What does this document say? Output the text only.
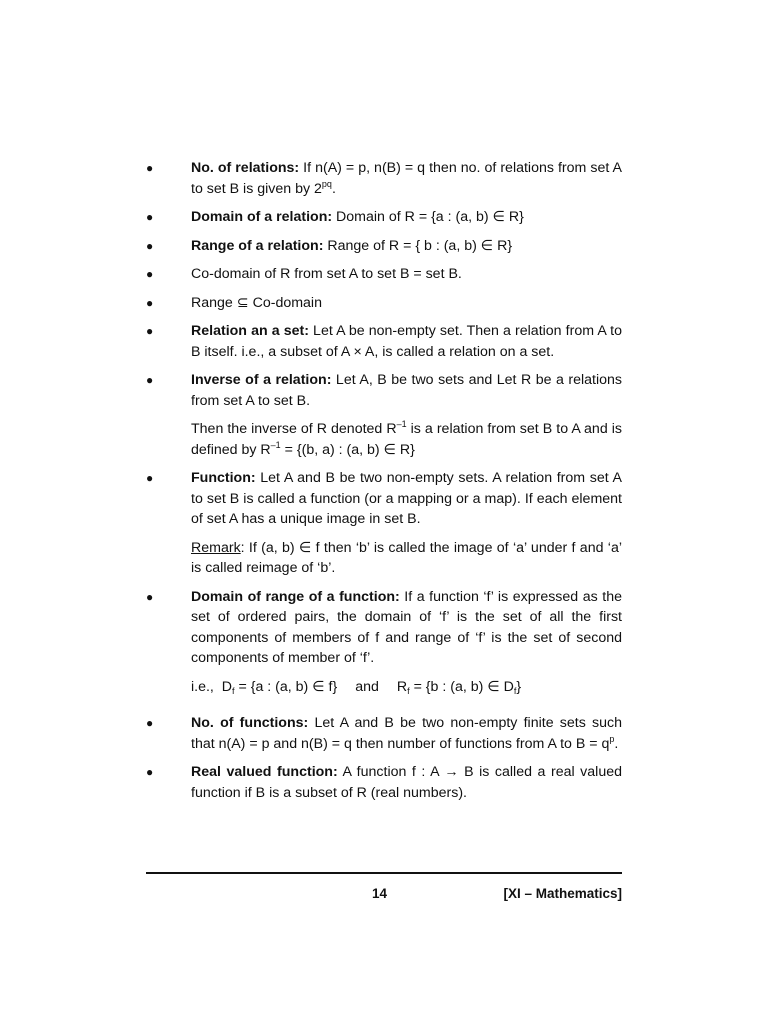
●	No. of relations: If n(A) = p, n(B) = q then no. of relations from set A to set B is given by $2^{pq}$.
●	Domain of a relation: Domain of R = {a : (a, b) ∈ R}
●	Range of a relation: Range of R = { b : (a, b) ∈ R}
●	Co-domain of R from set A to set B = set B.
●	Range ⊆ Co-domain
●	Relation an a set: Let A be non-empty set. Then a relation from A to B itself. i.e., a subset of A × A, is called a relation on a set.
●	Inverse of a relation: Let A, B be two sets and Let R be a relations from set A to set B.
Then the inverse of R denoted $R^{-1}$ is a relation from set B to A and is defined by $R^{-1} = \{(b$, a) : (a, b) ∈ R}
●	Function: Let A and B be two non-empty sets. A relation from set A to set B is called a function (or a mapping or a map). If each element of set A has a unique image in set B.
Remark: If (a, b) ∈ f then ‘b’ is called the image of ‘a’ under f and ‘a’ is called reimage of ‘b’.
●	Domain of range of a function: If a function ‘f’ is expressed as the set of ordered pairs, the domain of ‘f’ is the set of all the first components of members of f and range of ‘f’ is the set of second components of member of ‘f’.
i.e., $D_f = \{a$ : (a, b) ∈ f} and $R_f = \{b$ : (a, b) ∈ $D_f$}
●	No. of functions: Let A and B be two non-empty finite sets such that n(A) = p and n(B) = q then number of functions from A to $B = q^p$.
●	Real valued function: A function f : A → B is called a real valued function if B is a subset of R (real numbers).
14	[XI – Mathematics]
